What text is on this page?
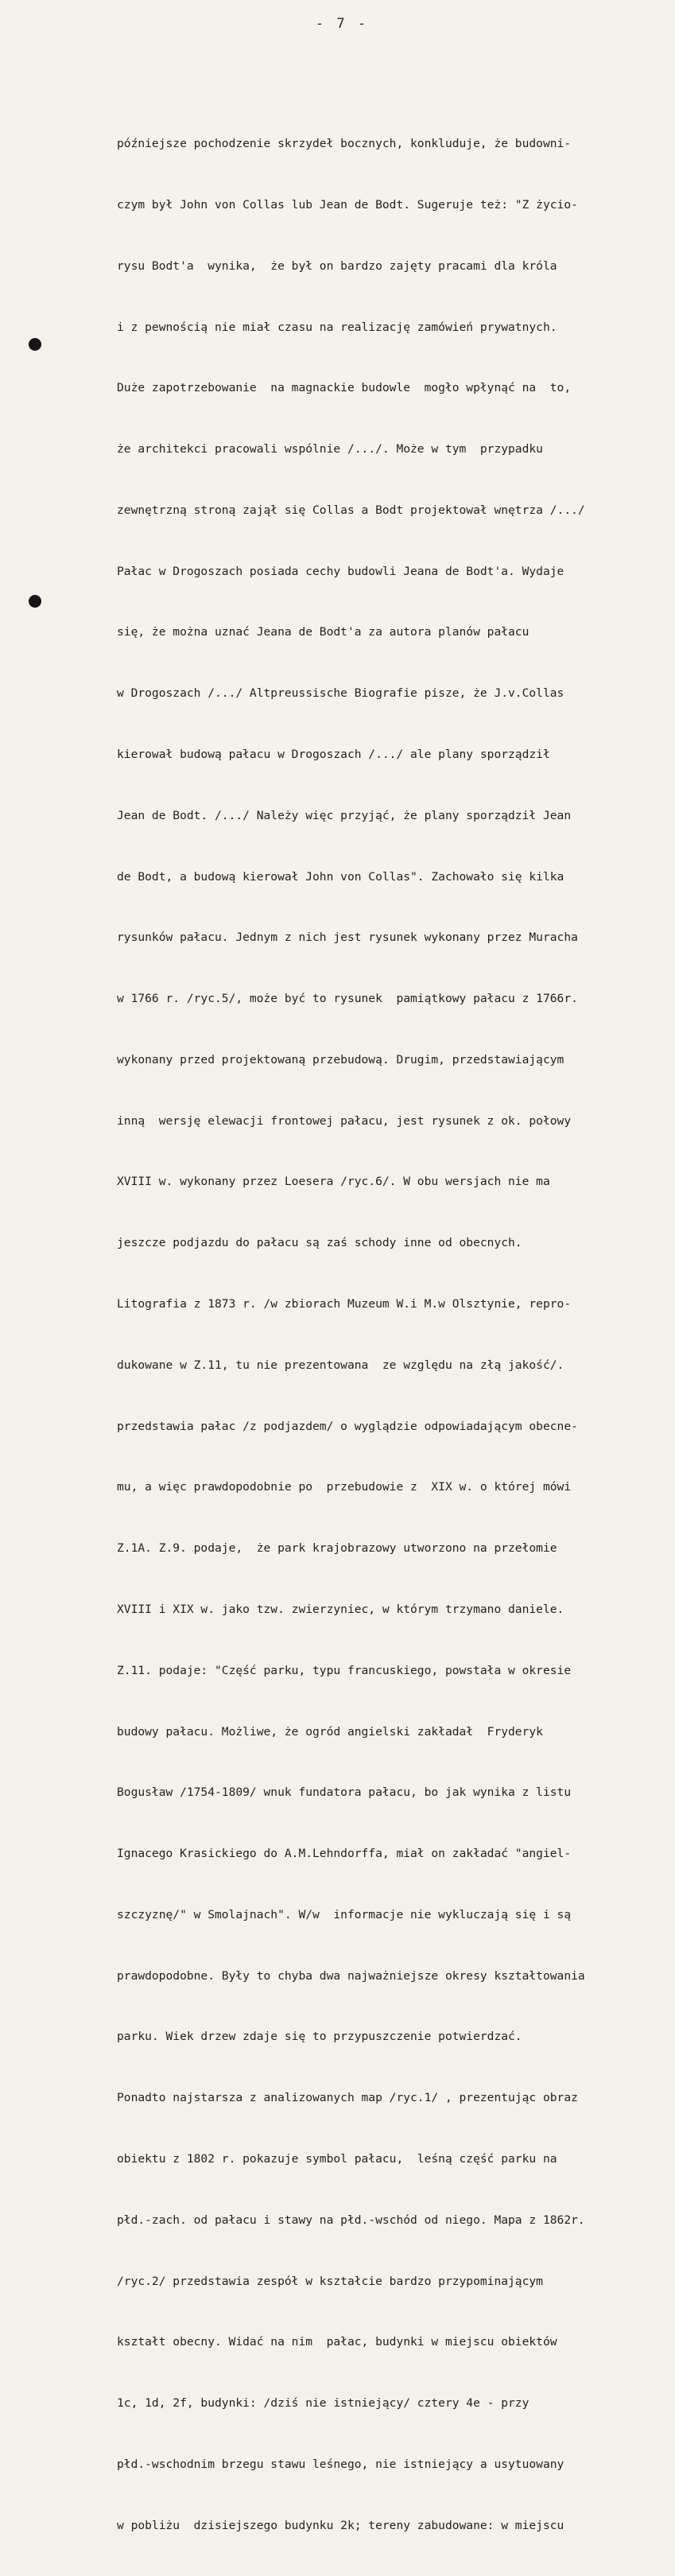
- 7 -

późniejsze pochodzenie skrzydeł bocznych, konkluduje, że budowni-

czym był John von Collas lub Jean de Bodt. Sugeruje też: "Z życio-

rysu Bodt'a  wynika,  że był on bardzo zajęty pracami dla króla

i z pewnością nie miał czasu na realizację zamówień prywatnych.

Duże zapotrzebowanie  na magnackie budowle  mogło wpłynąć na  to,

że architekci pracowali wspólnie /.../. Może w tym  przypadku

zewnętrzną stroną zajął się Collas a Bodt projektował wnętrza /.../

Pałac w Drogoszach posiada cechy budowli Jeana de Bodt'a. Wydaje

się, że można uznać Jeana de Bodt'a za autora planów pałacu

w Drogoszach /.../ Altpreussische Biografie pisze, że J.v.Collas

kierował budową pałacu w Drogoszach /.../ ale plany sporządził

Jean de Bodt. /.../ Należy więc przyjąć, że plany sporządził Jean

de Bodt, a budową kierował John von Collas". Zachowało się kilka

rysunków pałacu. Jednym z nich jest rysunek wykonany przez Muracha

w 1766 r. /ryc.5/, może być to rysunek  pamiątkowy pałacu z 1766r.

wykonany przed projektowaną przebudową. Drugim, przedstawiającym

inną  wersję elewacji frontowej pałacu, jest rysunek z ok. połowy

XVIII w. wykonany przez Loesera /ryc.6/. W obu wersjach nie ma

jeszcze podjazdu do pałacu są zaś schody inne od obecnych.

Litografia z 1873 r. /w zbiorach Muzeum W.i M.w Olsztynie, repro-

dukowane w Z.11, tu nie prezentowana  ze względu na złą jakość/.

przedstawia pałac /z podjazdem/ o wyglądzie odpowiadającym obecne-

mu, a więc prawdopodobnie po  przebudowie z  XIX w. o której mówi

Z.1A. Z.9. podaje,  że park krajobrazowy utworzono na przełomie

XVIII i XIX w. jako tzw. zwierzyniec, w którym trzymano daniele.

Z.11. podaje: "Część parku, typu francuskiego, powstała w okresie

budowy pałacu. Możliwe, że ogród angielski zakładał  Fryderyk

Bogusław /1754-1809/ wnuk fundatora pałacu, bo jak wynika z listu

Ignacego Krasickiego do A.M.Lehndorffa, miał on zakładać "angiel-

szczyznę/" w Smolajnach". W/w  informacje nie wykluczają się i są

prawdopodobne. Były to chyba dwa najważniejsze okresy kształtowania

parku. Wiek drzew zdaje się to przypuszczenie potwierdzać.

Ponadto najstarsza z analizowanych map /ryc.1/ , prezentując obraz

obiektu z 1802 r. pokazuje symbol pałacu,  leśną część parku na

płd.-zach. od pałacu i stawy na płd.-wschód od niego. Mapa z 1862r.

/ryc.2/ przedstawia zespół w kształcie bardzo przypominającym

kształt obecny. Widać na nim  pałac, budynki w miejscu obiektów

1c, 1d, 2f, budynki: /dziś nie istniejący/ cztery 4e - przy

płd.-wschodnim brzegu stawu leśnego, nie istniejący a usytuowany

w pobliżu  dzisiejszego budynku 2k; tereny zabudowane: w miejscu
